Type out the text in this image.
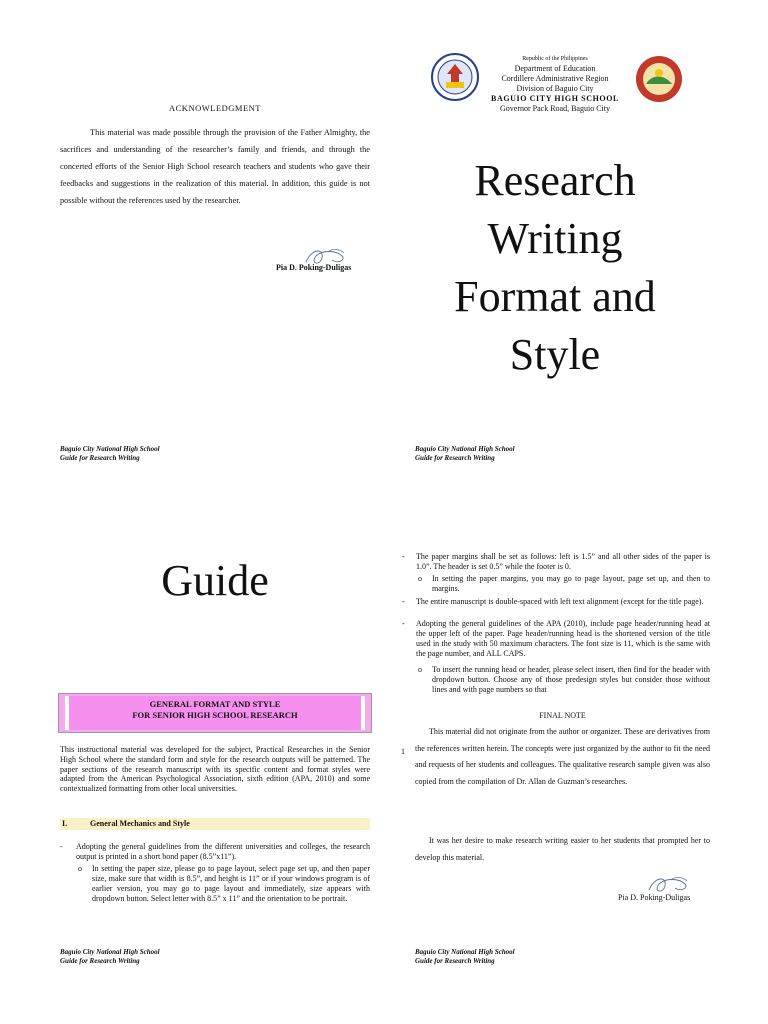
ACKNOWLEDGMENT
This material was made possible through the provision of the Father Almighty, the sacrifices and understanding of the researcher’s family and friends, and through the concerted efforts of the Senior High School research teachers and students who gave their feedbacks and suggestions in the realization of this material. In addition, this guide is not possible without the references used by the researcher.
Pia D. Poking-Duligas
Baguio City National High School
Guide for Research Writing
Republic of the Philippines
Department of Education
Cordillere Administrative Region
Division of Baguio City
BAGUIO CITY HIGH SCHOOL
Governor Pack Road, Baguio City
Research
Writing
Format and
Style
Baguio City National High School
Guide for Research Writing
Guide
GENERAL FORMAT AND STYLE
FOR SENIOR HIGH SCHOOL RESEARCH
This instructional material was developed for the subject, Practical Researches in the Senior High School where the standard form and style for the research outputs will be patterned. The paper sections of the research manuscript with its specific content and format styles were adapted from the American Psychological Association, sixth edition (APA, 2010) and some contextualized formatting from other local universities.
I.	General Mechanics and Style
- Adopting the general guidelines from the different universities and colleges, the research output is printed in a short bond paper (8.5”x11”).
o In setting the paper size, please go to page layout, select page set up, and then paper size, make sure that width is 8.5”, and height is 11” or if your windows program is of earlier version, you may go to page layout and immediately, size appears with dropdown button. Select letter with 8.5” x 11” and the orientation to be portrait.
Baguio City National High School
Guide for Research Writing
- The paper margins shall be set as follows: left is 1.5” and all other sides of the paper is 1.0”. The header is set 0.5” while the footer is 0.
o In setting the paper margins, you may go to page layout, page set up, and then to margins.
- The entire manuscript is double-spaced with left text alignment (except for the title page).
- Adopting the general guidelines of the APA (2010), include page header/running head at the upper left of the paper. Page header/running head is the shortened version of the title used in the study with 50 maximum characters. The font size is 11, which is the same with the page number, and ALL CAPS.
o To insert the running head or header, please select insert, then find for the header with dropdown button. Choose any of those predesign styles but consider those without lines and with page numbers so that
FINAL NOTE
1
This material did not originate from the author or organizer. These are derivatives from the references written herein. The concepts were just organized by the author to fit the need and requests of her students and colleagues. The qualitative research sample given was also copied from the compilation of Dr. Allan de Guzman’s researches.
It was her desire to make research writing easier to her students that prompted her to develop this material.
Pia D. Poking-Duligas
Baguio City National High School
Guide for Research Writing
